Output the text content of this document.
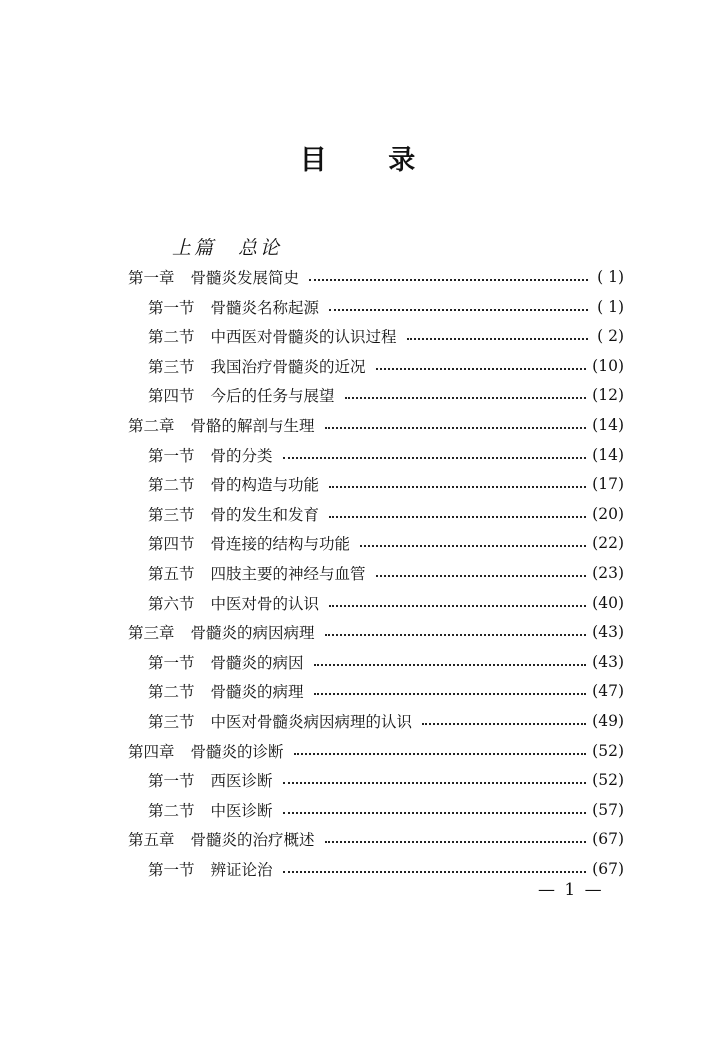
目 录
上篇 总论
第一章 骨髓炎发展简史	( 1)
第一节 骨髓炎名称起源	( 1)
第二节 中西医对骨髓炎的认识过程	( 2)
第三节 我国治疗骨髓炎的近况	(10)
第四节 今后的任务与展望	(12)
第二章 骨骼的解剖与生理	(14)
第一节 骨的分类	(14)
第二节 骨的构造与功能	(17)
第三节 骨的发生和发育	(20)
第四节 骨连接的结构与功能	(22)
第五节 四肢主要的神经与血管	(23)
第六节 中医对骨的认识	(40)
第三章 骨髓炎的病因病理	(43)
第一节 骨髓炎的病因	(43)
第二节 骨髓炎的病理	(47)
第三节 中医对骨髓炎病因病理的认识	(49)
第四章 骨髓炎的诊断	(52)
第一节 西医诊断	(52)
第二节 中医诊断	(57)
第五章 骨髓炎的治疗概述	(67)
第一节 辨证论治	(67)
— 1 —
